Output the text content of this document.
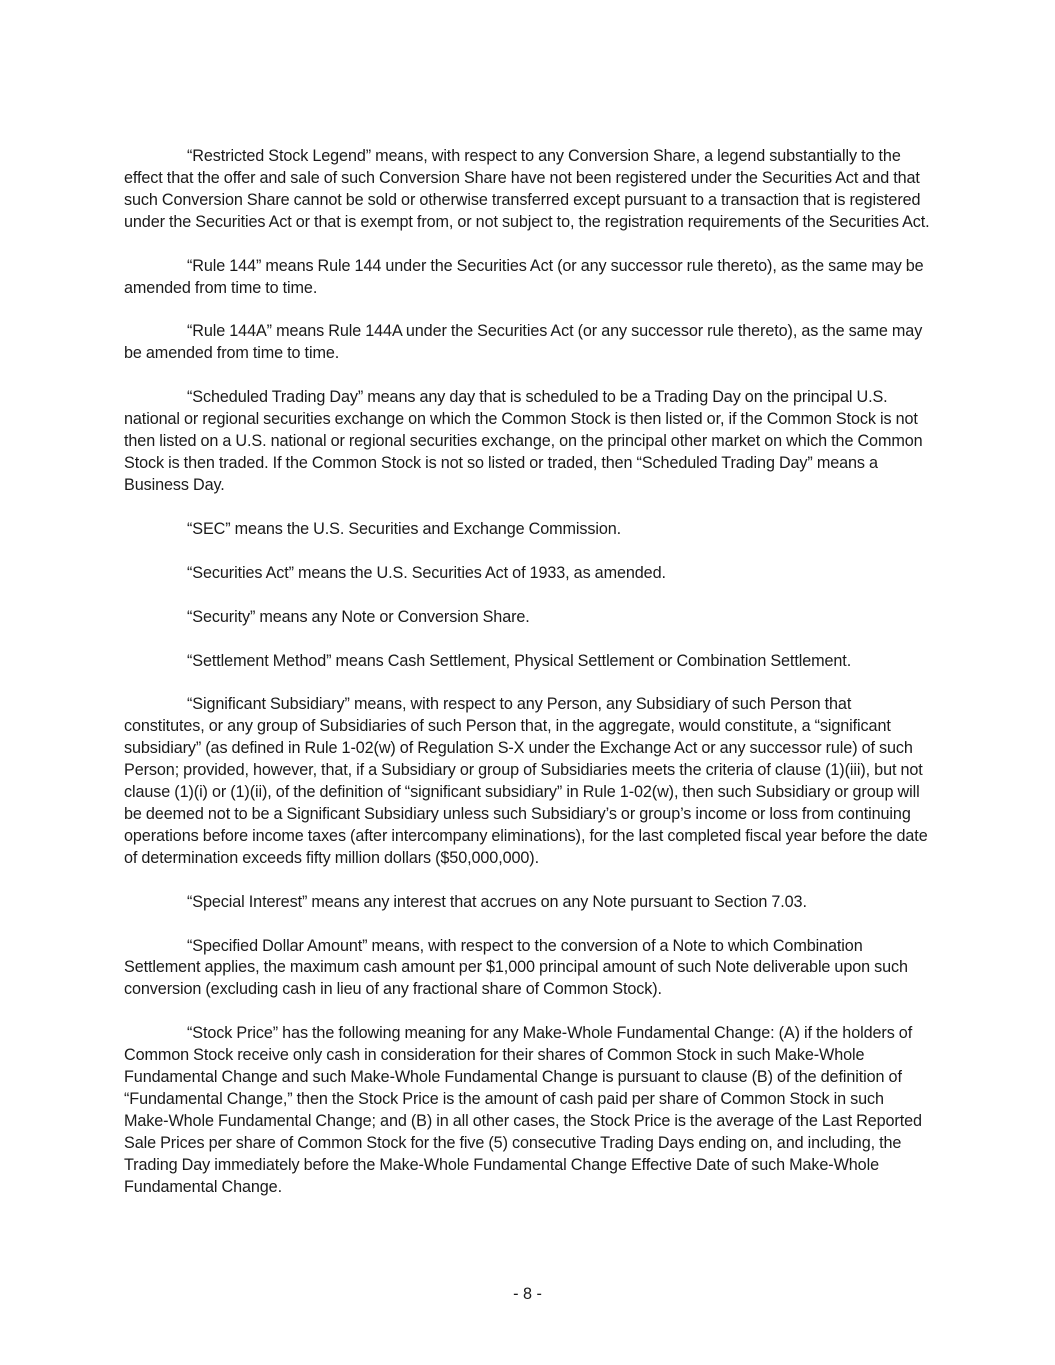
“Restricted Stock Legend” means, with respect to any Conversion Share, a legend substantially to the effect that the offer and sale of such Conversion Share have not been registered under the Securities Act and that such Conversion Share cannot be sold or otherwise transferred except pursuant to a transaction that is registered under the Securities Act or that is exempt from, or not subject to, the registration requirements of the Securities Act.

“Rule 144” means Rule 144 under the Securities Act (or any successor rule thereto), as the same may be amended from time to time.

“Rule 144A” means Rule 144A under the Securities Act (or any successor rule thereto), as the same may be amended from time to time.

“Scheduled Trading Day” means any day that is scheduled to be a Trading Day on the principal U.S. national or regional securities exchange on which the Common Stock is then listed or, if the Common Stock is not then listed on a U.S. national or regional securities exchange, on the principal other market on which the Common Stock is then traded. If the Common Stock is not so listed or traded, then “Scheduled Trading Day” means a Business Day.

“SEC” means the U.S. Securities and Exchange Commission.

“Securities Act” means the U.S. Securities Act of 1933, as amended.

“Security” means any Note or Conversion Share.

“Settlement Method” means Cash Settlement, Physical Settlement or Combination Settlement.

“Significant Subsidiary” means, with respect to any Person, any Subsidiary of such Person that constitutes, or any group of Subsidiaries of such Person that, in the aggregate, would constitute, a “significant subsidiary” (as defined in Rule 1-02(w) of Regulation S-X under the Exchange Act or any successor rule) of such Person; provided, however, that, if a Subsidiary or group of Subsidiaries meets the criteria of clause (1)(iii), but not clause (1)(i) or (1)(ii), of the definition of “significant subsidiary” in Rule 1-02(w), then such Subsidiary or group will be deemed not to be a Significant Subsidiary unless such Subsidiary’s or group’s income or loss from continuing operations before income taxes (after intercompany eliminations), for the last completed fiscal year before the date of determination exceeds fifty million dollars ($50,000,000).

“Special Interest” means any interest that accrues on any Note pursuant to Section 7.03.

“Specified Dollar Amount” means, with respect to the conversion of a Note to which Combination Settlement applies, the maximum cash amount per $1,000 principal amount of such Note deliverable upon such conversion (excluding cash in lieu of any fractional share of Common Stock).

“Stock Price” has the following meaning for any Make-Whole Fundamental Change: (A) if the holders of Common Stock receive only cash in consideration for their shares of Common Stock in such Make-Whole Fundamental Change and such Make-Whole Fundamental Change is pursuant to clause (B) of the definition of “Fundamental Change,” then the Stock Price is the amount of cash paid per share of Common Stock in such Make-Whole Fundamental Change; and (B) in all other cases, the Stock Price is the average of the Last Reported Sale Prices per share of Common Stock for the five (5) consecutive Trading Days ending on, and including, the Trading Day immediately before the Make-Whole Fundamental Change Effective Date of such Make-Whole Fundamental Change.

- 8 -
